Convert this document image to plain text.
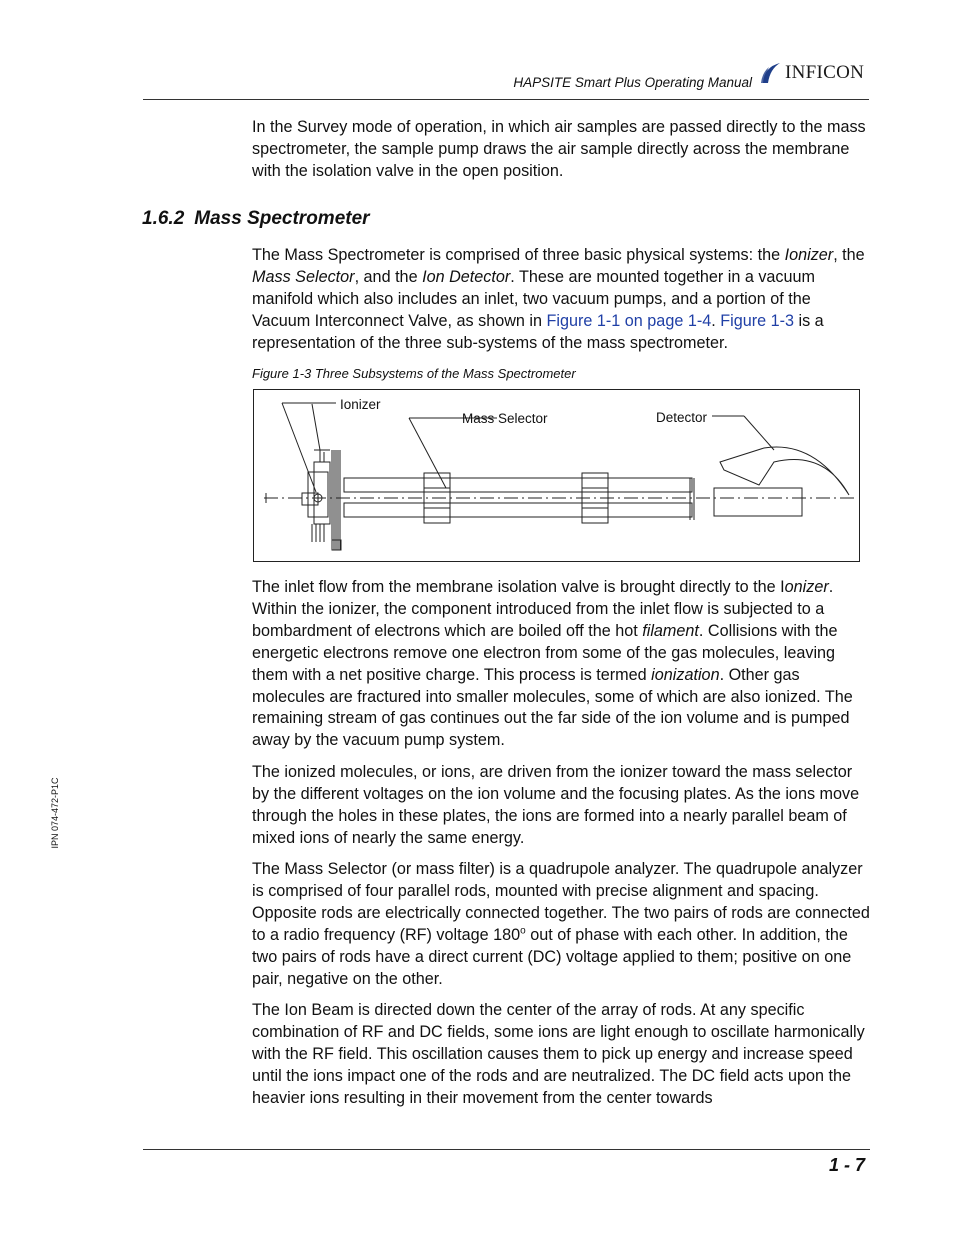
HAPSITE Smart Plus Operating Manual INFICON

In the Survey mode of operation, in which air samples are passed directly to the mass spectrometer, the sample pump draws the air sample directly across the membrane with the isolation valve in the open position.

1.6.2 Mass Spectrometer

The Mass Spectrometer is comprised of three basic physical systems: the Ionizer, the Mass Selector, and the Ion Detector. These are mounted together in a vacuum manifold which also includes an inlet, two vacuum pumps, and a portion of the Vacuum Interconnect Valve, as shown in Figure 1-1 on page 1-4. Figure 1-3 is a representation of the three sub-systems of the mass spectrometer.

Figure 1-3 Three Subsystems of the Mass Spectrometer
Ionizer
Mass Selector	Detector

The inlet flow from the membrane isolation valve is brought directly to the Ionizer. Within the ionizer, the component introduced from the inlet flow is subjected to a bombardment of electrons which are boiled off the hot filament. Collisions with the energetic electrons remove one electron from some of the gas molecules, leaving them with a net positive charge. This process is termed ionization. Other gas molecules are fractured into smaller molecules, some of which are also ionized. The remaining stream of gas continues out the far side of the ion volume and is pumped away by the vacuum pump system.

The ionized molecules, or ions, are driven from the ionizer toward the mass selector by the different voltages on the ion volume and the focusing plates. As the ions move through the holes in these plates, the ions are formed into a nearly parallel beam of mixed ions of nearly the same energy.

The Mass Selector (or mass filter) is a quadrupole analyzer. The quadrupole analyzer is comprised of four parallel rods, mounted with precise alignment and spacing. Opposite rods are electrically connected together. The two pairs of rods are connected to a radio frequency (RF) voltage 180$^o$ out of phase with each other. In addition, the two pairs of rods have a direct current (DC) voltage applied to them; positive on one pair, negative on the other.

The Ion Beam is directed down the center of the array of rods. At any specific combination of RF and DC fields, some ions are light enough to oscillate harmonically with the RF field. This oscillation causes them to pick up energy and increase speed until the ions impact one of the rods and are neutralized. The DC field acts upon the heavier ions resulting in their movement from the center towards

IPN 074-472-P1C
1 - 7
